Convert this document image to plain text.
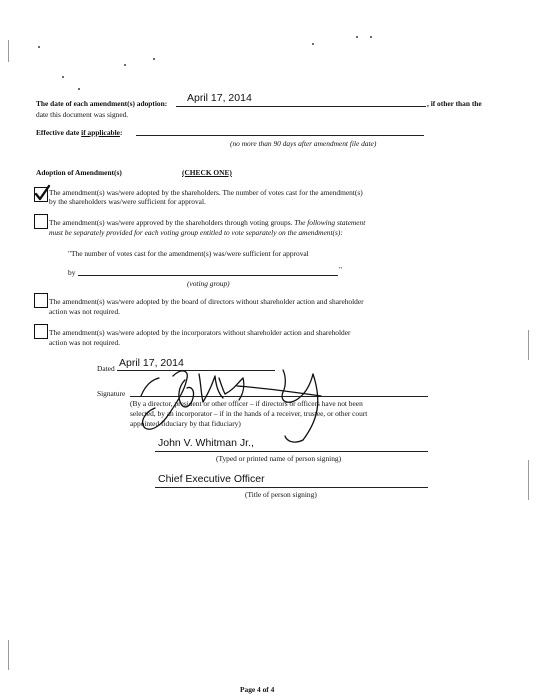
The date of each amendment(s) adoption: April 17, 2014	, if other than the
date this document was signed.
Effective date if applicable:
(no more than 90 days after amendment file date)
Adoption of Amendment(s)	(CHECK ONE)
The amendment(s) was/were adopted by the shareholders. The number of votes cast for the amendment(s)
by the shareholders was/were sufficient for approval.
The amendment(s) was/were approved by the shareholders through voting groups. The following statement
must be separately provided for each voting group entitled to vote separately on the amendment(s):
"The number of votes cast for the amendment(s) was/were sufficient for approval
by	"
(voting group)
The amendment(s) was/were adopted by the board of directors without shareholder action and shareholder
action was not required.
The amendment(s) was/were adopted by the incorporators without shareholder action and shareholder
action was not required.
Dated April 17, 2014
Signature
(By a director, president or other officer – if directors or officers have not been
selected, by an incorporator – if in the hands of a receiver, trustee, or other court
appointed fiduciary by that fiduciary)
John V. Whitman Jr.,
(Typed or printed name of person signing)
Chief Executive Officer
(Title of person signing)
Page 4 of 4
